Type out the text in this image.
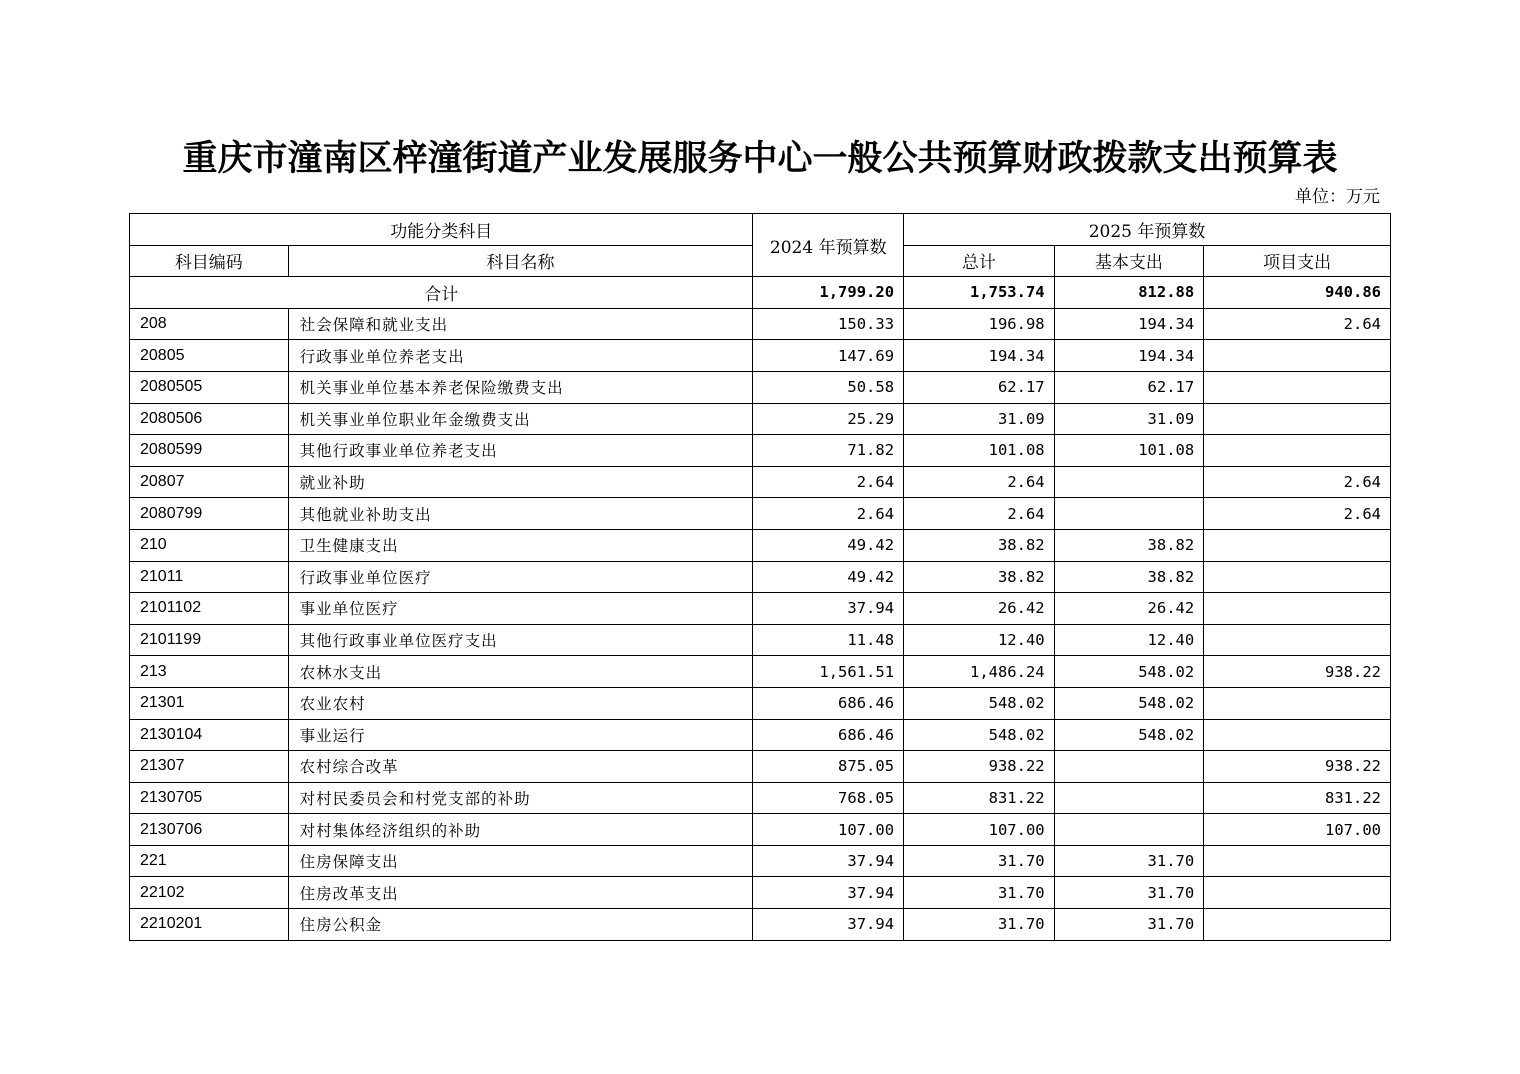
重庆市潼南区梓潼街道产业发展服务中心一般公共预算财政拨款支出预算表
单位：万元
功能分类科目		2024 年预算数	2025 年预算数		
科目编码	科目名称		总计	基本支出	项目支出
合计		1,799.20	1,753.74	812.88	940.86
208	社会保障和就业支出	150.33	196.98	194.34	2.64
20805	行政事业单位养老支出	147.69	194.34	194.34	
2080505	机关事业单位基本养老保险缴费支出	50.58	62.17	62.17	
2080506	机关事业单位职业年金缴费支出	25.29	31.09	31.09	
2080599	其他行政事业单位养老支出	71.82	101.08	101.08	
20807	就业补助	2.64	2.64		2.64
2080799	其他就业补助支出	2.64	2.64		2.64
210	卫生健康支出	49.42	38.82	38.82	
21011	行政事业单位医疗	49.42	38.82	38.82	
2101102	事业单位医疗	37.94	26.42	26.42	
2101199	其他行政事业单位医疗支出	11.48	12.40	12.40	
213	农林水支出	1,561.51	1,486.24	548.02	938.22
21301	农业农村	686.46	548.02	548.02	
2130104	事业运行	686.46	548.02	548.02	
21307	农村综合改革	875.05	938.22		938.22
2130705	对村民委员会和村党支部的补助	768.05	831.22		831.22
2130706	对村集体经济组织的补助	107.00	107.00		107.00
221	住房保障支出	37.94	31.70	31.70	
22102	住房改革支出	37.94	31.70	31.70	
2210201	住房公积金	37.94	31.70	31.70	
